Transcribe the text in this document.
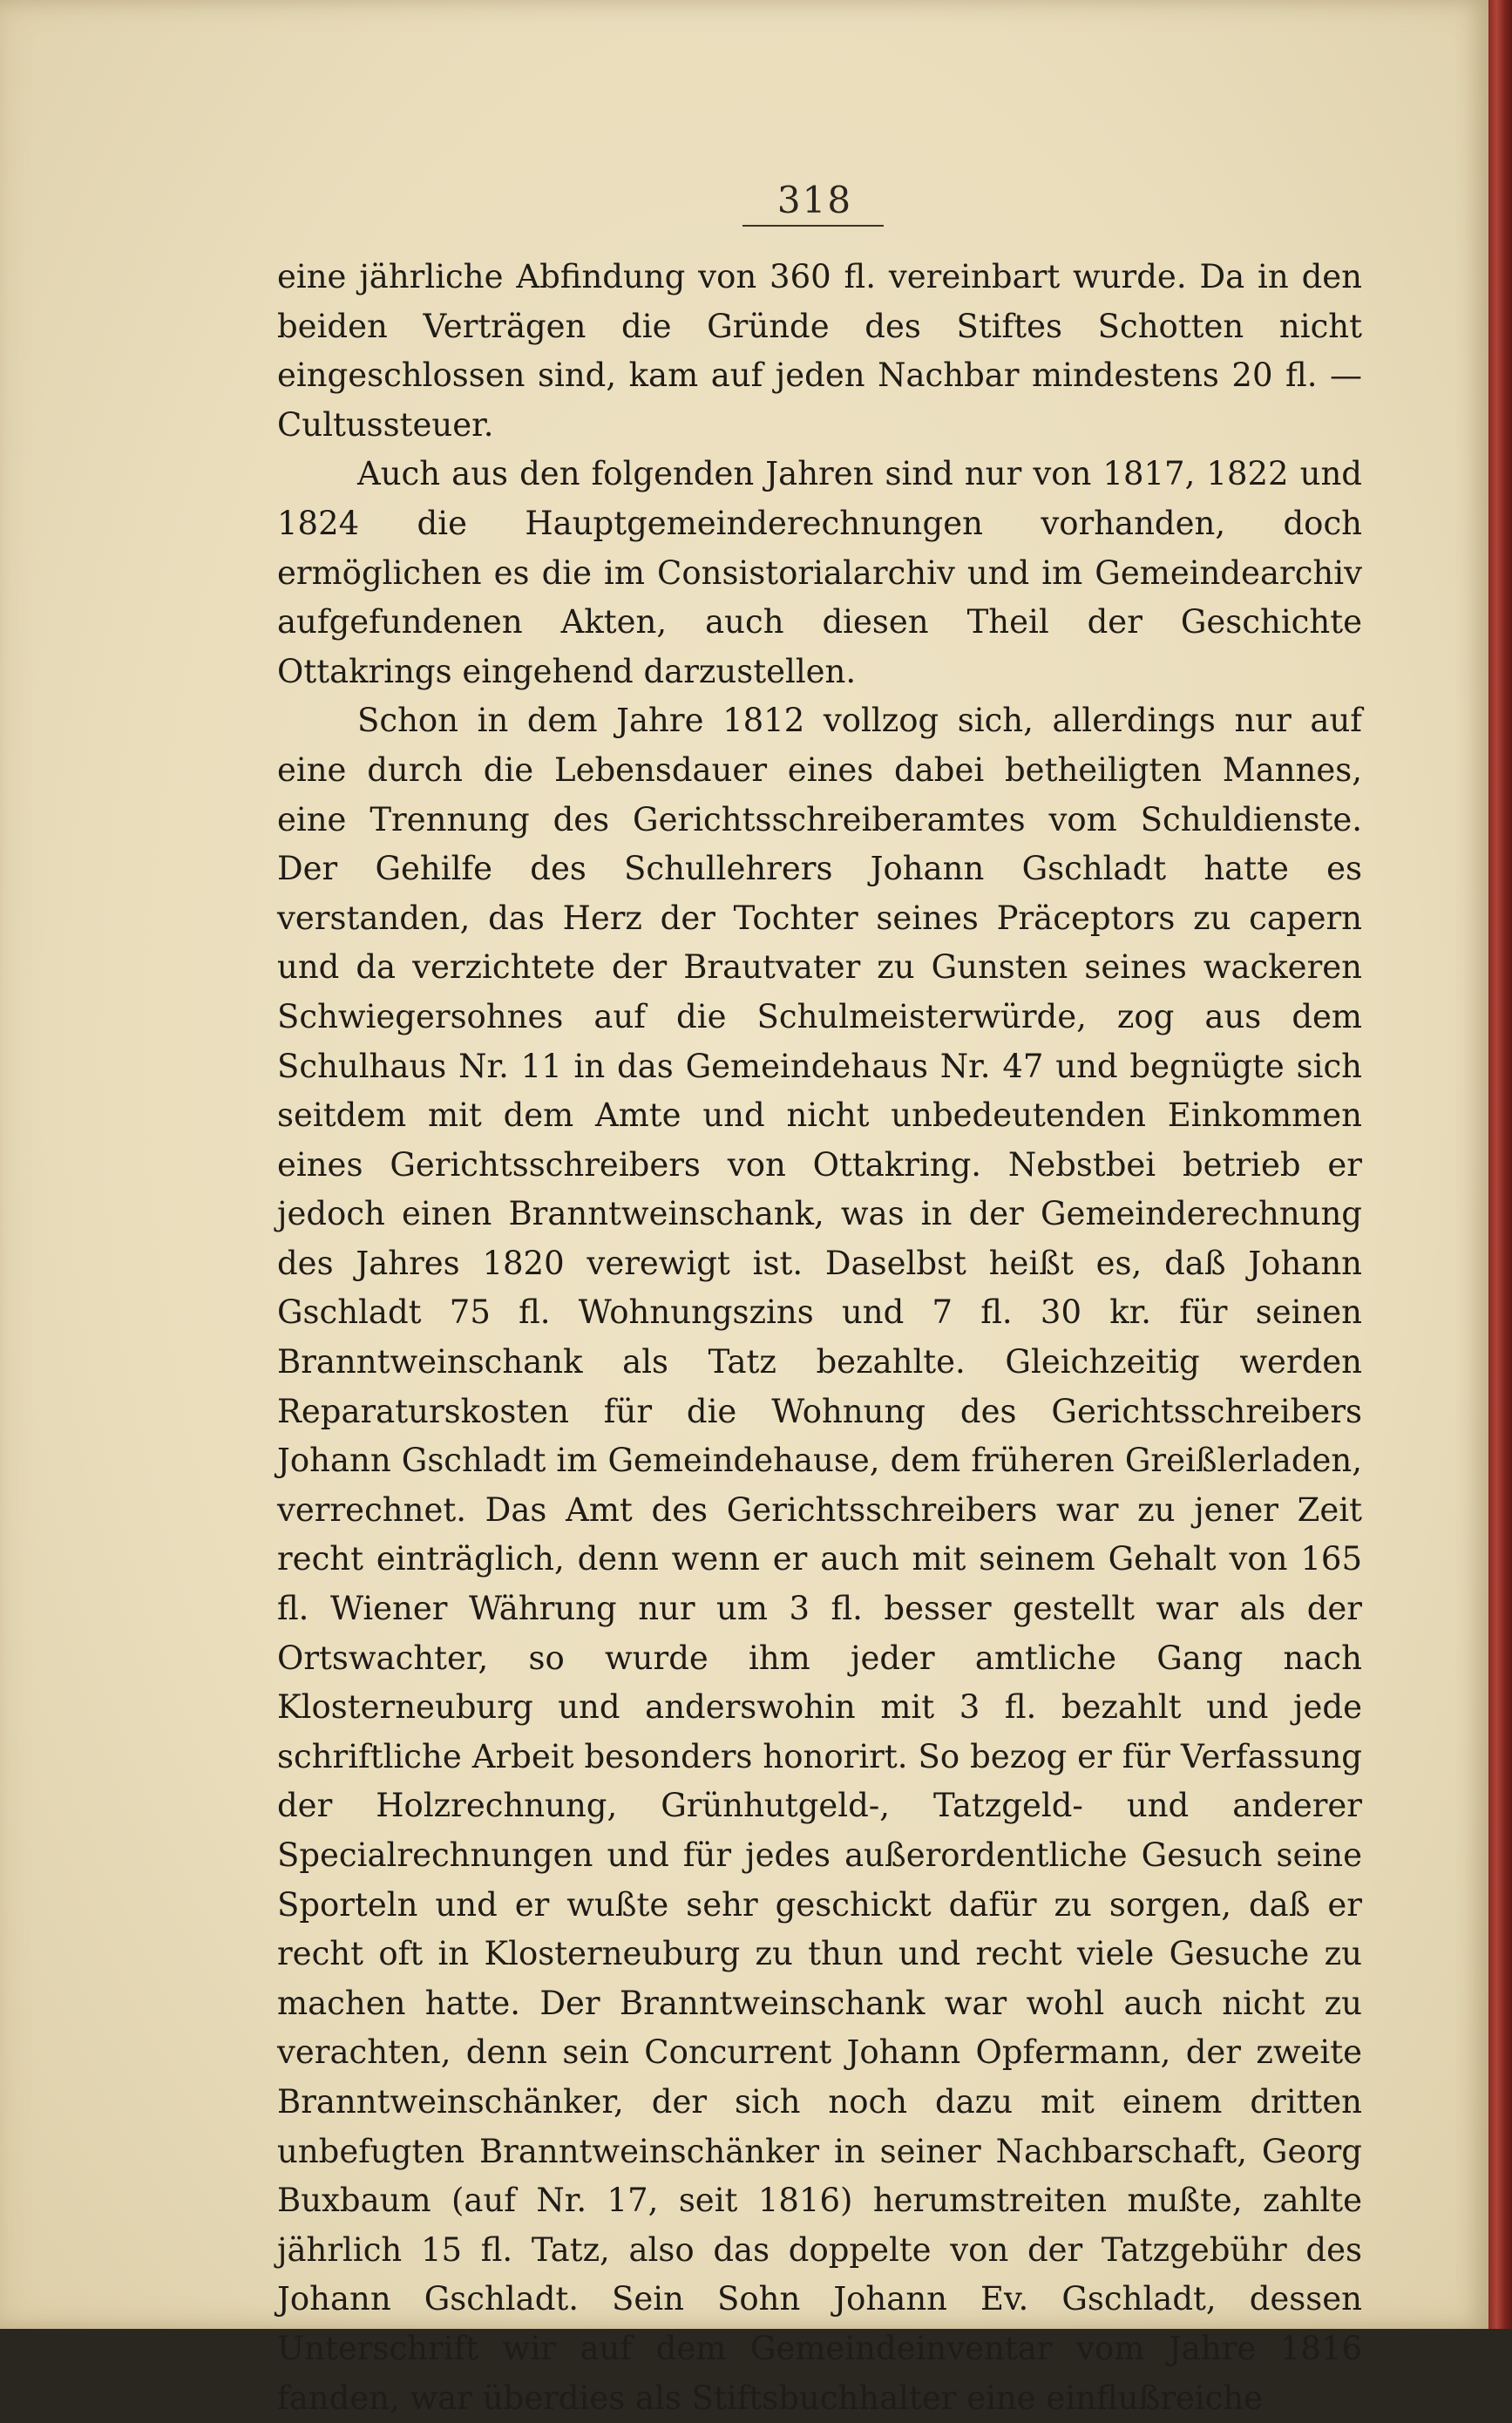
318

eine jährliche Abfindung von 360 fl. vereinbart wurde. Da in den beiden Verträgen die Gründe des Stiftes Schotten nicht eingeschlossen sind, kam auf jeden Nachbar mindestens 20 fl. — Cultussteuer.

Auch aus den folgenden Jahren sind nur von 1817, 1822 und 1824 die Hauptgemeinderechnungen vorhanden, doch ermöglichen es die im Consistorialarchiv und im Gemeindearchiv aufgefundenen Akten, auch diesen Theil der Geschichte Ottakrings eingehend darzustellen.

Schon in dem Jahre 1812 vollzog sich, allerdings nur auf eine durch die Lebensdauer eines dabei betheiligten Mannes, eine Trennung des Gerichtsschreiberamtes vom Schuldienste. Der Gehilfe des Schullehrers Johann Gschladt hatte es verstanden, das Herz der Tochter seines Präceptors zu capern und da verzichtete der Brautvater zu Gunsten seines wackeren Schwiegersohnes auf die Schulmeisterwürde, zog aus dem Schulhaus Nr. 11 in das Gemeindehaus Nr. 47 und begnügte sich seitdem mit dem Amte und nicht unbedeutenden Einkommen eines Gerichtsschreibers von Ottakring. Nebstbei betrieb er jedoch einen Branntweinschank, was in der Gemeinderechnung des Jahres 1820 verewigt ist. Daselbst heißt es, daß Johann Gschladt 75 fl. Wohnungszins und 7 fl. 30 kr. für seinen Branntweinschank als Tatz bezahlte. Gleichzeitig werden Reparaturskosten für die Wohnung des Gerichtsschreibers Johann Gschladt im Gemeindehause, dem früheren Greißlerladen, verrechnet. Das Amt des Gerichtsschreibers war zu jener Zeit recht einträglich, denn wenn er auch mit seinem Gehalt von 165 fl. Wiener Währung nur um 3 fl. besser gestellt war als der Ortswachter, so wurde ihm jeder amtliche Gang nach Klosterneuburg und anderswohin mit 3 fl. bezahlt und jede schriftliche Arbeit besonders honorirt. So bezog er für Verfassung der Holzrechnung, Grünhutgeld-, Tatzgeld- und anderer Specialrechnungen und für jedes außerordentliche Gesuch seine Sporteln und er wußte sehr geschickt dafür zu sorgen, daß er recht oft in Klosterneuburg zu thun und recht viele Gesuche zu machen hatte. Der Branntweinschank war wohl auch nicht zu verachten, denn sein Concurrent Johann Opfermann, der zweite Branntweinschänker, der sich noch dazu mit einem dritten unbefugten Branntweinschänker in seiner Nachbarschaft, Georg Buxbaum (auf Nr. 17, seit 1816) herumstreiten mußte, zahlte jährlich 15 fl. Tatz, also das doppelte von der Tatzgebühr des Johann Gschladt. Sein Sohn Johann Ev. Gschladt, dessen Unterschrift wir auf dem Gemeindeinventar vom Jahre 1816 fanden, war überdies als Stiftsbuchhalter eine einflußreiche
